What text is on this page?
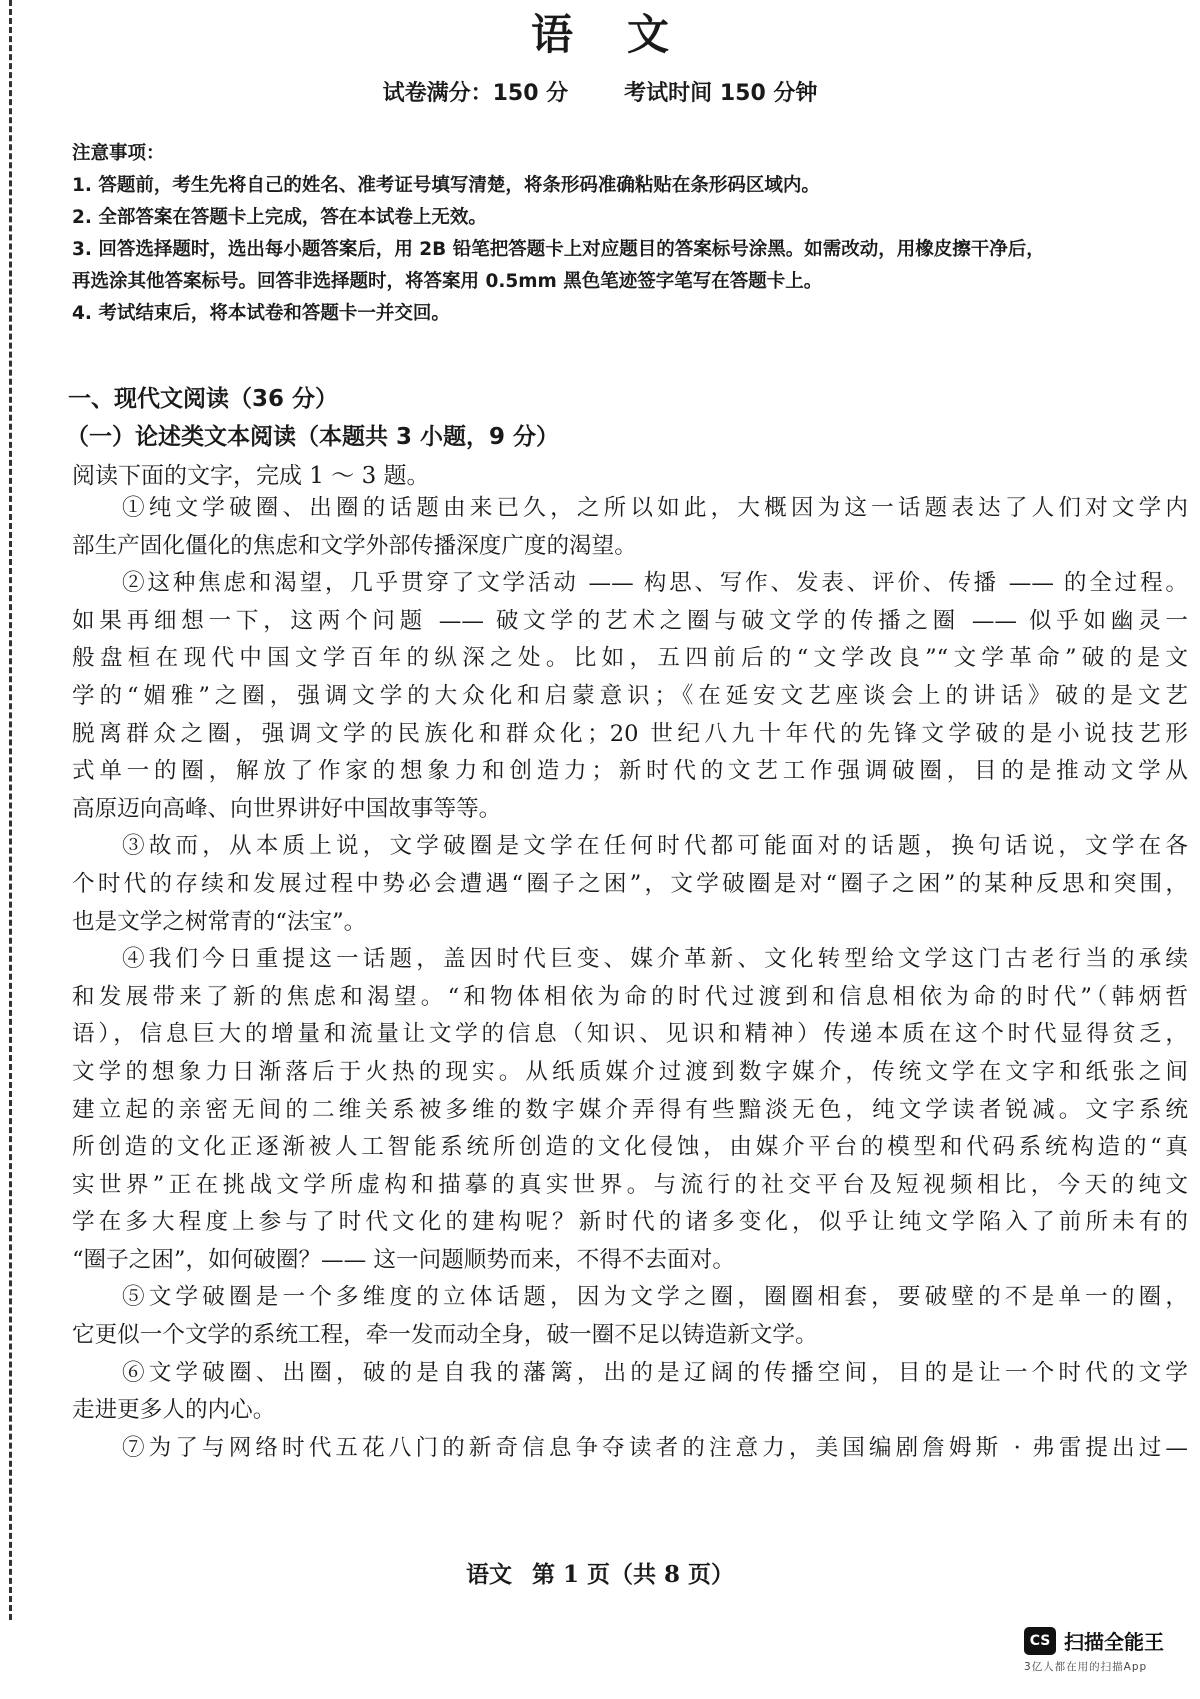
语文
试卷满分：150 分	考试时间 150 分钟
注意事项：
1. 答题前，考生先将自己的姓名、准考证号填写清楚，将条形码准确粘贴在条形码区域内。
2. 全部答案在答题卡上完成，答在本试卷上无效。
3. 回答选择题时，选出每小题答案后，用 2B 铅笔把答题卡上对应题目的答案标号涂黑。如需改动，用橡皮擦干净后，
再选涂其他答案标号。回答非选择题时，将答案用 0.5mm 黑色笔迹签字笔写在答题卡上。
4. 考试结束后，将本试卷和答题卡一并交回。
一、现代文阅读（36 分）
（一）论述类文本阅读（本题共 3 小题，9 分）
阅读下面的文字，完成 1 ～ 3 题。
①纯文学破圈、出圈的话题由来已久，之所以如此，大概因为这一话题表达了人们对文学内
部生产固化僵化的焦虑和文学外部传播深度广度的渴望。
②这种焦虑和渴望，几乎贯穿了文学活动 —— 构思、写作、发表、评价、传播 —— 的全过程。
如果再细想一下，这两个问题 —— 破文学的艺术之圈与破文学的传播之圈 —— 似乎如幽灵一
般盘桓在现代中国文学百年的纵深之处。比如，五四前后的“文学改良”“文学革命”破的是文
学的“媚雅”之圈，强调文学的大众化和启蒙意识；《在延安文艺座谈会上的讲话》破的是文艺
脱离群众之圈，强调文学的民族化和群众化；20 世纪八九十年代的先锋文学破的是小说技艺形
式单一的圈，解放了作家的想象力和创造力；新时代的文艺工作强调破圈，目的是推动文学从
高原迈向高峰、向世界讲好中国故事等等。
③故而，从本质上说，文学破圈是文学在任何时代都可能面对的话题，换句话说，文学在各
个时代的存续和发展过程中势必会遭遇“圈子之困”，文学破圈是对“圈子之困”的某种反思和突围，
也是文学之树常青的“法宝”。
④我们今日重提这一话题，盖因时代巨变、媒介革新、文化转型给文学这门古老行当的承续
和发展带来了新的焦虑和渴望。“和物体相依为命的时代过渡到和信息相依为命的时代”（韩炳哲
语），信息巨大的增量和流量让文学的信息（知识、见识和精神）传递本质在这个时代显得贫乏，
文学的想象力日渐落后于火热的现实。从纸质媒介过渡到数字媒介，传统文学在文字和纸张之间
建立起的亲密无间的二维关系被多维的数字媒介弄得有些黯淡无色，纯文学读者锐减。文字系统
所创造的文化正逐渐被人工智能系统所创造的文化侵蚀，由媒介平台的模型和代码系统构造的“真
实世界”正在挑战文学所虚构和描摹的真实世界。与流行的社交平台及短视频相比，今天的纯文
学在多大程度上参与了时代文化的建构呢？新时代的诸多变化，似乎让纯文学陷入了前所未有的
“圈子之困”，如何破圈？—— 这一问题顺势而来，不得不去面对。
⑤文学破圈是一个多维度的立体话题，因为文学之圈，圈圈相套，要破壁的不是单一的圈，
它更似一个文学的系统工程，牵一发而动全身，破一圈不足以铸造新文学。
⑥文学破圈、出圈，破的是自我的藩篱，出的是辽阔的传播空间，目的是让一个时代的文学
走进更多人的内心。
⑦为了与网络时代五花八门的新奇信息争夺读者的注意力，美国编剧詹姆斯 · 弗雷提出过—
语文 第 1 页（共 8 页）
CS 扫描全能王
3亿人都在用的扫描App
